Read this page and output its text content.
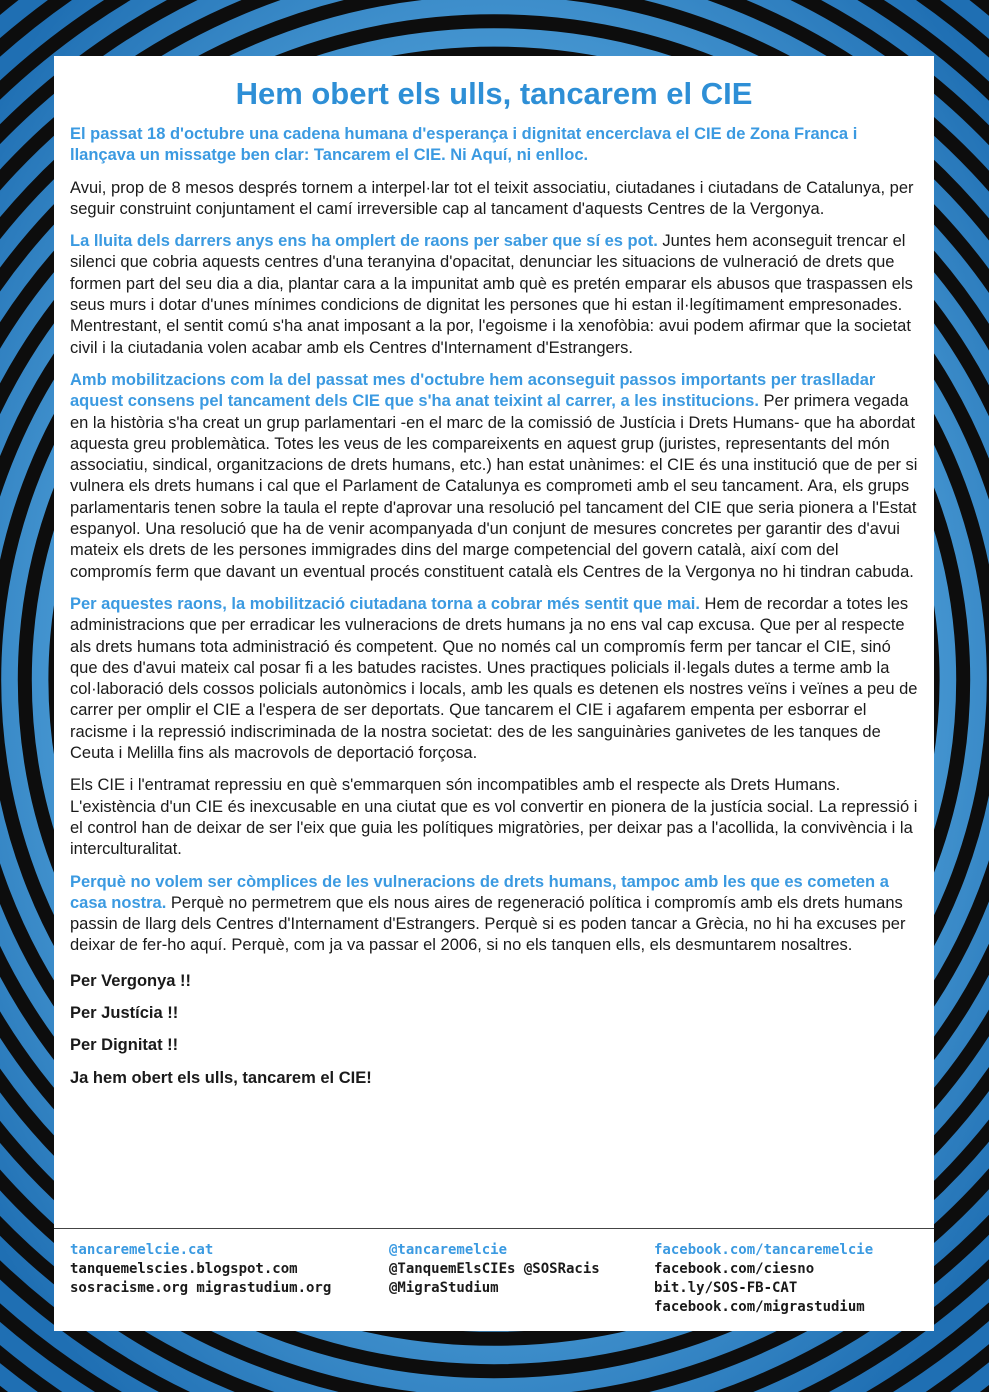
Hem obert els ulls, tancarem el CIE

El passat 18 d'octubre una cadena humana d'esperança i dignitat encerclava el CIE de Zona Franca i llançava un missatge ben clar: Tancarem el CIE. Ni Aquí, ni enlloc.

Avui, prop de 8 mesos després tornem a interpel·lar tot el teixit associatiu, ciutadanes i ciutadans de Catalunya, per seguir construint conjuntament el camí irreversible cap al tancament d'aquests Centres de la Vergonya.

La lluita dels darrers anys ens ha omplert de raons per saber que sí es pot. Juntes hem aconseguit trencar el silenci que cobria aquests centres d'una teranyina d'opacitat, denunciar les situacions de vulneració de drets que formen part del seu dia a dia, plantar cara a la impunitat amb què es pretén emparar els abusos que traspassen els seus murs i dotar d'unes mínimes condicions de dignitat les persones que hi estan il·legítimament empresonades. Mentrestant, el sentit comú s'ha anat imposant a la por, l'egoisme i la xenofòbia: avui podem afirmar que la societat civil i la ciutadania volen acabar amb els Centres d'Internament d'Estrangers.

Amb mobilitzacions com la del passat mes d'octubre hem aconseguit passos importants per traslladar aquest consens pel tancament dels CIE que s'ha anat teixint al carrer, a les institucions. Per primera vegada en la història s'ha creat un grup parlamentari -en el marc de la comissió de Justícia i Drets Humans- que ha abordat aquesta greu problemàtica. Totes les veus de les compareixents en aquest grup (juristes, representants del món associatiu, sindical, organitzacions de drets humans, etc.) han estat unànimes: el CIE és una institució que de per si vulnera els drets humans i cal que el Parlament de Catalunya es comprometi amb el seu tancament. Ara, els grups parlamentaris tenen sobre la taula el repte d'aprovar una resolució pel tancament del CIE que seria pionera a l'Estat espanyol. Una resolució que ha de venir acompanyada d'un conjunt de mesures concretes per garantir des d'avui mateix els drets de les persones immigrades dins del marge competencial del govern català, així com del compromís ferm que davant un eventual procés constituent català els Centres de la Vergonya no hi tindran cabuda.

Per aquestes raons, la mobilització ciutadana torna a cobrar més sentit que mai. Hem de recordar a totes les administracions que per erradicar les vulneracions de drets humans ja no ens val cap excusa. Que per al respecte als drets humans tota administració és competent. Que no només cal un compromís ferm per tancar el CIE, sinó que des d'avui mateix cal posar fi a les batudes racistes. Unes practiques policials il·legals dutes a terme amb la col·laboració dels cossos policials autonòmics i locals, amb les quals es detenen els nostres veïns i veïnes a peu de carrer per omplir el CIE a l'espera de ser deportats. Que tancarem el CIE i agafarem empenta per esborrar el racisme i la repressió indiscriminada de la nostra societat: des de les sanguinàries ganivetes de les tanques de Ceuta i Melilla fins als macrovols de deportació forçosa.

Els CIE i l'entramat repressiu en què s'emmarquen són incompatibles amb el respecte als Drets Humans. L'existència d'un CIE és inexcusable en una ciutat que es vol convertir en pionera de la justícia social. La repressió i el control han de deixar de ser l'eix que guia les polítiques migratòries, per deixar pas a l'acollida, la convivència i la interculturalitat.

Perquè no volem ser còmplices de les vulneracions de drets humans, tampoc amb les que es cometen a casa nostra. Perquè no permetrem que els nous aires de regeneració política i compromís amb els drets humans passin de llarg dels Centres d'Internament d'Estrangers. Perquè si es poden tancar a Grècia, no hi ha excuses per deixar de fer-ho aquí. Perquè, com ja va passar el 2006, si no els tanquen ells, els desmuntarem nosaltres.

Per Vergonya !!

Per Justícia !!

Per Dignitat !!

Ja hem obert els ulls, tancarem el CIE!

tancaremelcie.cat
tanquemelscies.blogspot.com
sosracisme.org migrastudium.org
@tancaremelcie
@TanquemElsCIEs @SOSRacis
@MigraStudium
facebook.com/tancaremelcie
facebook.com/ciesno
bit.ly/SOS-FB-CAT
facebook.com/migrastudium
